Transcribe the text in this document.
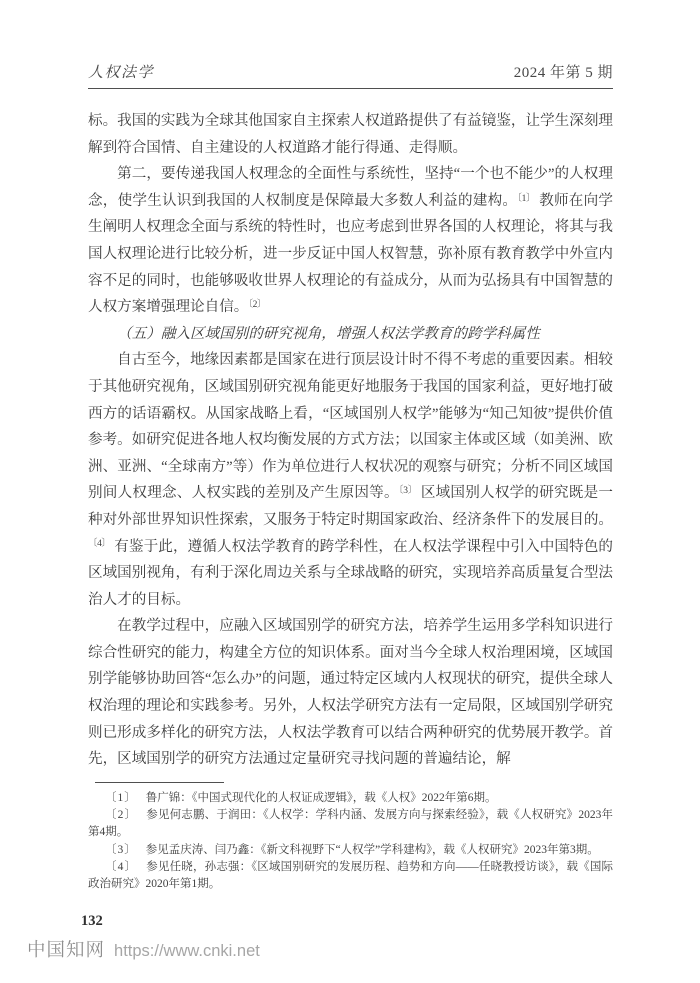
人权法学	2024 年第 5 期

标。我国的实践为全球其他国家自主探索人权道路提供了有益镜鉴，让学生深刻理解到符合国情、自主建设的人权道路才能行得通、走得顺。

第二，要传递我国人权理念的全面性与系统性，坚持“一个也不能少”的人权理念，使学生认识到我国的人权制度是保障最大多数人利益的建构。$^{〔1〕}$ 教师在向学生阐明人权理念全面与系统的特性时，也应考虑到世界各国的人权理论，将其与我国人权理论进行比较分析，进一步反证中国人权智慧，弥补原有教育教学中外宣内容不足的同时，也能够吸收世界人权理论的有益成分，从而为弘扬具有中国智慧的人权方案增强理论自信。$^{〔2〕}$

（五）融入区域国别的研究视角，增强人权法学教育的跨学科属性

自古至今，地缘因素都是国家在进行顶层设计时不得不考虑的重要因素。相较于其他研究视角，区域国别研究视角能更好地服务于我国的国家利益，更好地打破西方的话语霸权。从国家战略上看，“区域国别人权学”能够为“知己知彼”提供价值参考。如研究促进各地人权均衡发展的方式方法；以国家主体或区域（如美洲、欧洲、亚洲、“全球南方”等）作为单位进行人权状况的观察与研究；分析不同区域国别间人权理念、人权实践的差别及产生原因等。$^{〔3〕}$ 区域国别人权学的研究既是一种对外部世界知识性探索，又服务于特定时期国家政治、经济条件下的发展目的。$^{〔4〕}$ 有鉴于此，遵循人权法学教育的跨学科性，在人权法学课程中引入中国特色的区域国别视角，有利于深化周边关系与全球战略的研究，实现培养高质量复合型法治人才的目标。

在教学过程中，应融入区域国别学的研究方法，培养学生运用多学科知识进行综合性研究的能力，构建全方位的知识体系。面对当今全球人权治理困境，区域国别学能够协助回答“怎么办”的问题，通过特定区域内人权现状的研究，提供全球人权治理的理论和实践参考。另外，人权法学研究方法有一定局限，区域国别学研究则已形成多样化的研究方法，人权法学教育可以结合两种研究的优势展开教学。首先，区域国别学的研究方法通过定量研究寻找问题的普遍结论，解

〔1〕 鲁广锦：《中国式现代化的人权证成逻辑》，载《人权》2022年第6期。

〔2〕 参见何志鹏、于润田：《人权学：学科内涵、发展方向与探索经验》，载《人权研究》2023年第4期。

〔3〕 参见孟庆涛、闫乃鑫：《新文科视野下“人权学”学科建构》，载《人权研究》2023年第3期。

〔4〕 参见任晓，孙志强：《区域国别研究的发展历程、趋势和方向——任晓教授访谈》，载《国际政治研究》2020年第1期。

132
中国知网 https://www.cnki.net
